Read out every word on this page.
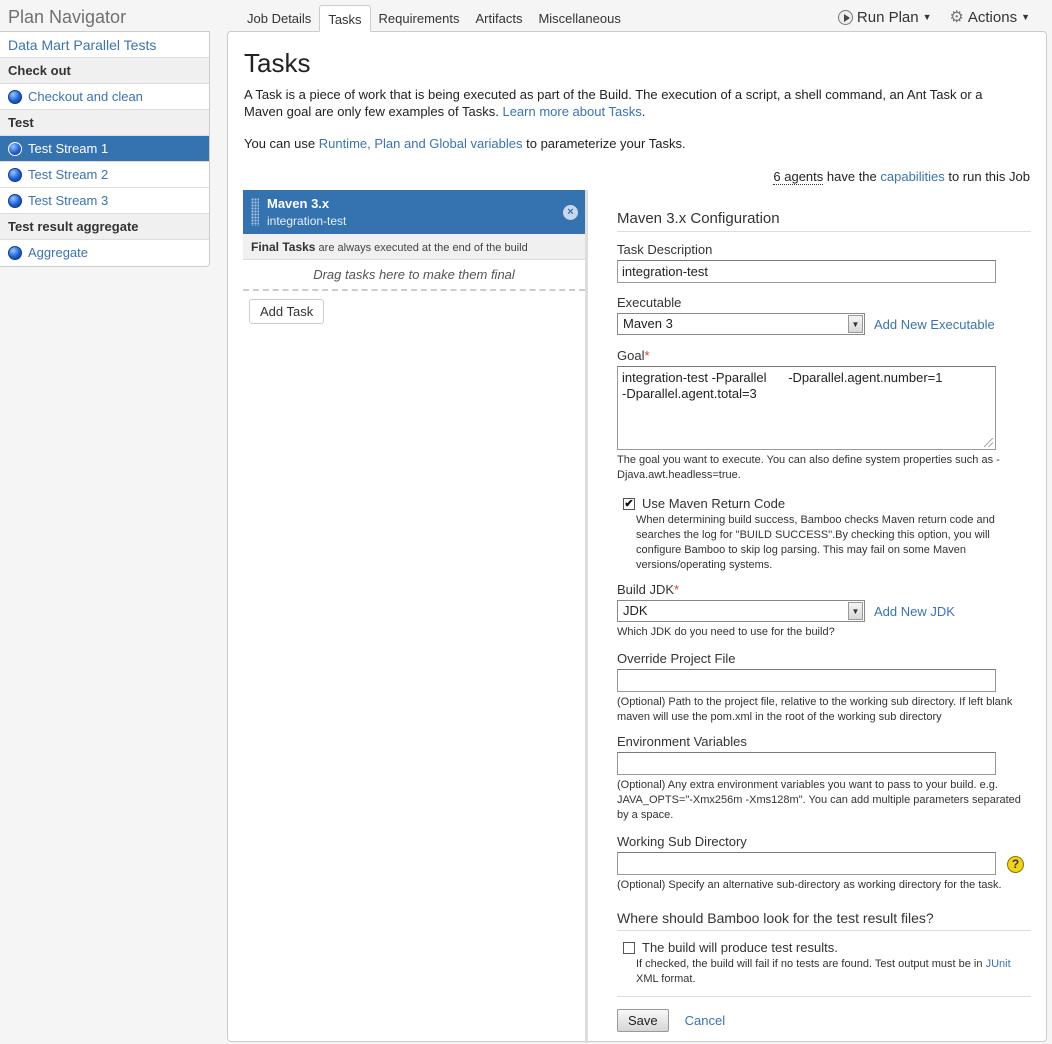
Plan Navigator
Data Mart Parallel Tests
Check out
Checkout and clean
Test
Test Stream 1
Test Stream 2
Test Stream 3
Test result aggregate
Aggregate
Job Details	Tasks	Requirements	Artifacts	Miscellaneous	Run Plan ▼ ⚙ Actions ▼
Tasks
A Task is a piece of work that is being executed as part of the Build. The execution of a script, a shell command, an Ant Task or a Maven goal are only few examples of Tasks. Learn more about Tasks.
You can use Runtime, Plan and Global variables to parameterize your Tasks.
6 agents have the capabilities to run this Job
Maven 3.x
integration-test
×
Final Tasks are always executed at the end of the build
Drag tasks here to make them final
Add Task
Maven 3.x Configuration
Task Description
integration-test
Executable
Maven 3	▼ Add New Executable
Goal*
integration-test -Pparallel      -Dparallel.agent.number=1
-Dparallel.agent.total=3
The goal you want to execute. You can also define system properties such as -Djava.awt.headless=true.
✔ Use Maven Return Code
When determining build success, Bamboo checks Maven return code and searches the log for "BUILD SUCCESS".By checking this option, you will configure Bamboo to skip log parsing. This may fail on some Maven versions/operating systems.
Build JDK*
JDK	▼ Add New JDK
Which JDK do you need to use for the build?
Override Project File
(Optional) Path to the project file, relative to the working sub directory. If left blank maven will use the pom.xml in the root of the working sub directory
Environment Variables
(Optional) Any extra environment variables you want to pass to your build. e.g. JAVA_OPTS="-Xmx256m -Xms128m". You can add multiple parameters separated by a space.
Working Sub Directory
?
(Optional) Specify an alternative sub-directory as working directory for the task.
Where should Bamboo look for the test result files?
The build will produce test results.
If checked, the build will fail if no tests are found. Test output must be in JUnit XML format.
Save	Cancel
